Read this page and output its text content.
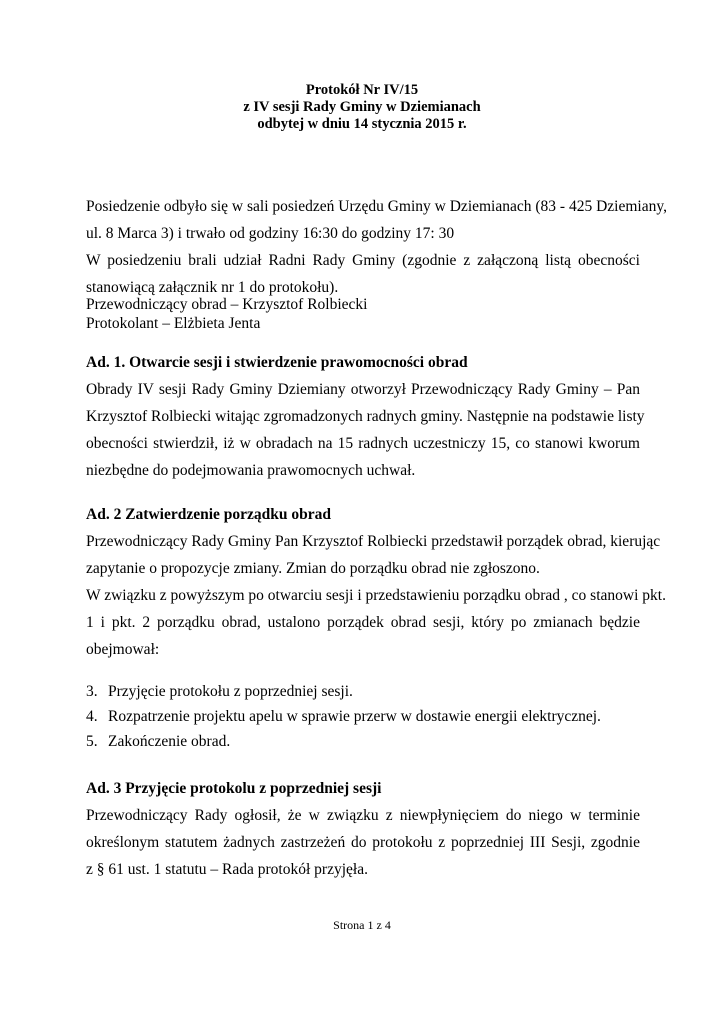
Protokół Nr IV/15
z IV sesji Rady Gminy w Dziemianach
odbytej w dniu 14 stycznia 2015 r.
Posiedzenie odbyło się w sali posiedzeń Urzędu Gminy w Dziemianach (83 - 425 Dziemiany,
ul. 8 Marca 3) i trwało od godziny 16:30 do godziny 17: 30
W posiedzeniu brali udział Radni Rady Gminy (zgodnie z załączoną listą obecności
stanowiącą załącznik nr 1 do protokołu).
Przewodniczący obrad – Krzysztof Rolbiecki
Protokolant – Elżbieta Jenta
Ad. 1. Otwarcie sesji i stwierdzenie prawomocności obrad
Obrady IV sesji Rady Gminy Dziemiany otworzył Przewodniczący Rady Gminy – Pan
Krzysztof Rolbiecki witając zgromadzonych radnych gminy. Następnie na podstawie listy
obecności stwierdził, iż w obradach na 15 radnych uczestniczy 15, co stanowi kworum
niezbędne do podejmowania prawomocnych uchwał.
Ad. 2 Zatwierdzenie porządku obrad
Przewodniczący Rady Gminy Pan Krzysztof Rolbiecki przedstawił porządek obrad, kierując
zapytanie o propozycje zmiany. Zmian do porządku obrad nie zgłoszono.
W związku z powyższym po otwarciu sesji i przedstawieniu porządku obrad , co stanowi pkt.
1 i pkt. 2 porządku obrad, ustalono porządek obrad sesji, który po zmianach będzie
obejmował:
3. Przyjęcie protokołu z poprzedniej sesji.
4. Rozpatrzenie projektu apelu w sprawie przerw w dostawie energii elektrycznej.
5. Zakończenie obrad.
Ad. 3 Przyjęcie protokolu z poprzedniej sesji
Przewodniczący Rady ogłosił, że w związku z niewpłynięciem do niego w terminie
określonym statutem żadnych zastrzeżeń do protokołu z poprzedniej III Sesji, zgodnie
z § 61 ust. 1 statutu – Rada protokół przyjęła.
Strona 1 z 4
